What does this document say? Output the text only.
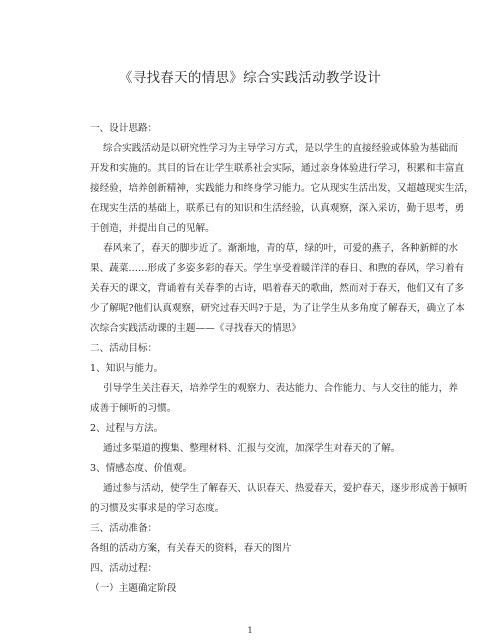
《寻找春天的情思》综合实践活动教学设计
一、设计思路：
综合实践活动是以研究性学习为主导学习方式，是以学生的直接经验或体验为基础而
开发和实施的。其目的旨在让学生联系社会实际，通过亲身体验进行学习，积累和丰富直
接经验，培养创新精神，实践能力和终身学习能力。它从现实生活出发，又超越现实生活，
在现实生活的基础上，联系已有的知识和生活经验，认真观察，深入采访，勤于思考，勇
于创造，并提出自己的见解。
春风来了，春天的脚步近了。渐渐地，青的草，绿的叶，可爱的燕子，各种新鲜的水
果、蔬菜……形成了多姿多彩的春天。学生享受着暖洋洋的春日、和煦的春风，学习着有
关春天的课文，背诵着有关春季的古诗，唱着春天的歌曲，然而对于春天，他们又有了多
少了解呢?他们认真观察，研究过春天吗?于是，为了让学生从多角度了解春天，确立了本
次综合实践活动课的主题——《寻找春天的情思》
二、活动目标：
1、知识与能力。
引导学生关注春天，培养学生的观察力、表达能力、合作能力、与人交往的能力，养
成善于倾听的习惯。
2、过程与方法。
通过多渠道的搜集、整理材料、汇报与交流，加深学生对春天的了解。
3、情感态度、价值观。
通过参与活动，使学生了解春天、认识春天、热爱春天，爱护春天，逐步形成善于倾听
的习惯及实事求是的学习态度。
三、活动准备：
各组的活动方案，有关春天的资料，春天的图片
四、活动过程：
（一）主题确定阶段
1
